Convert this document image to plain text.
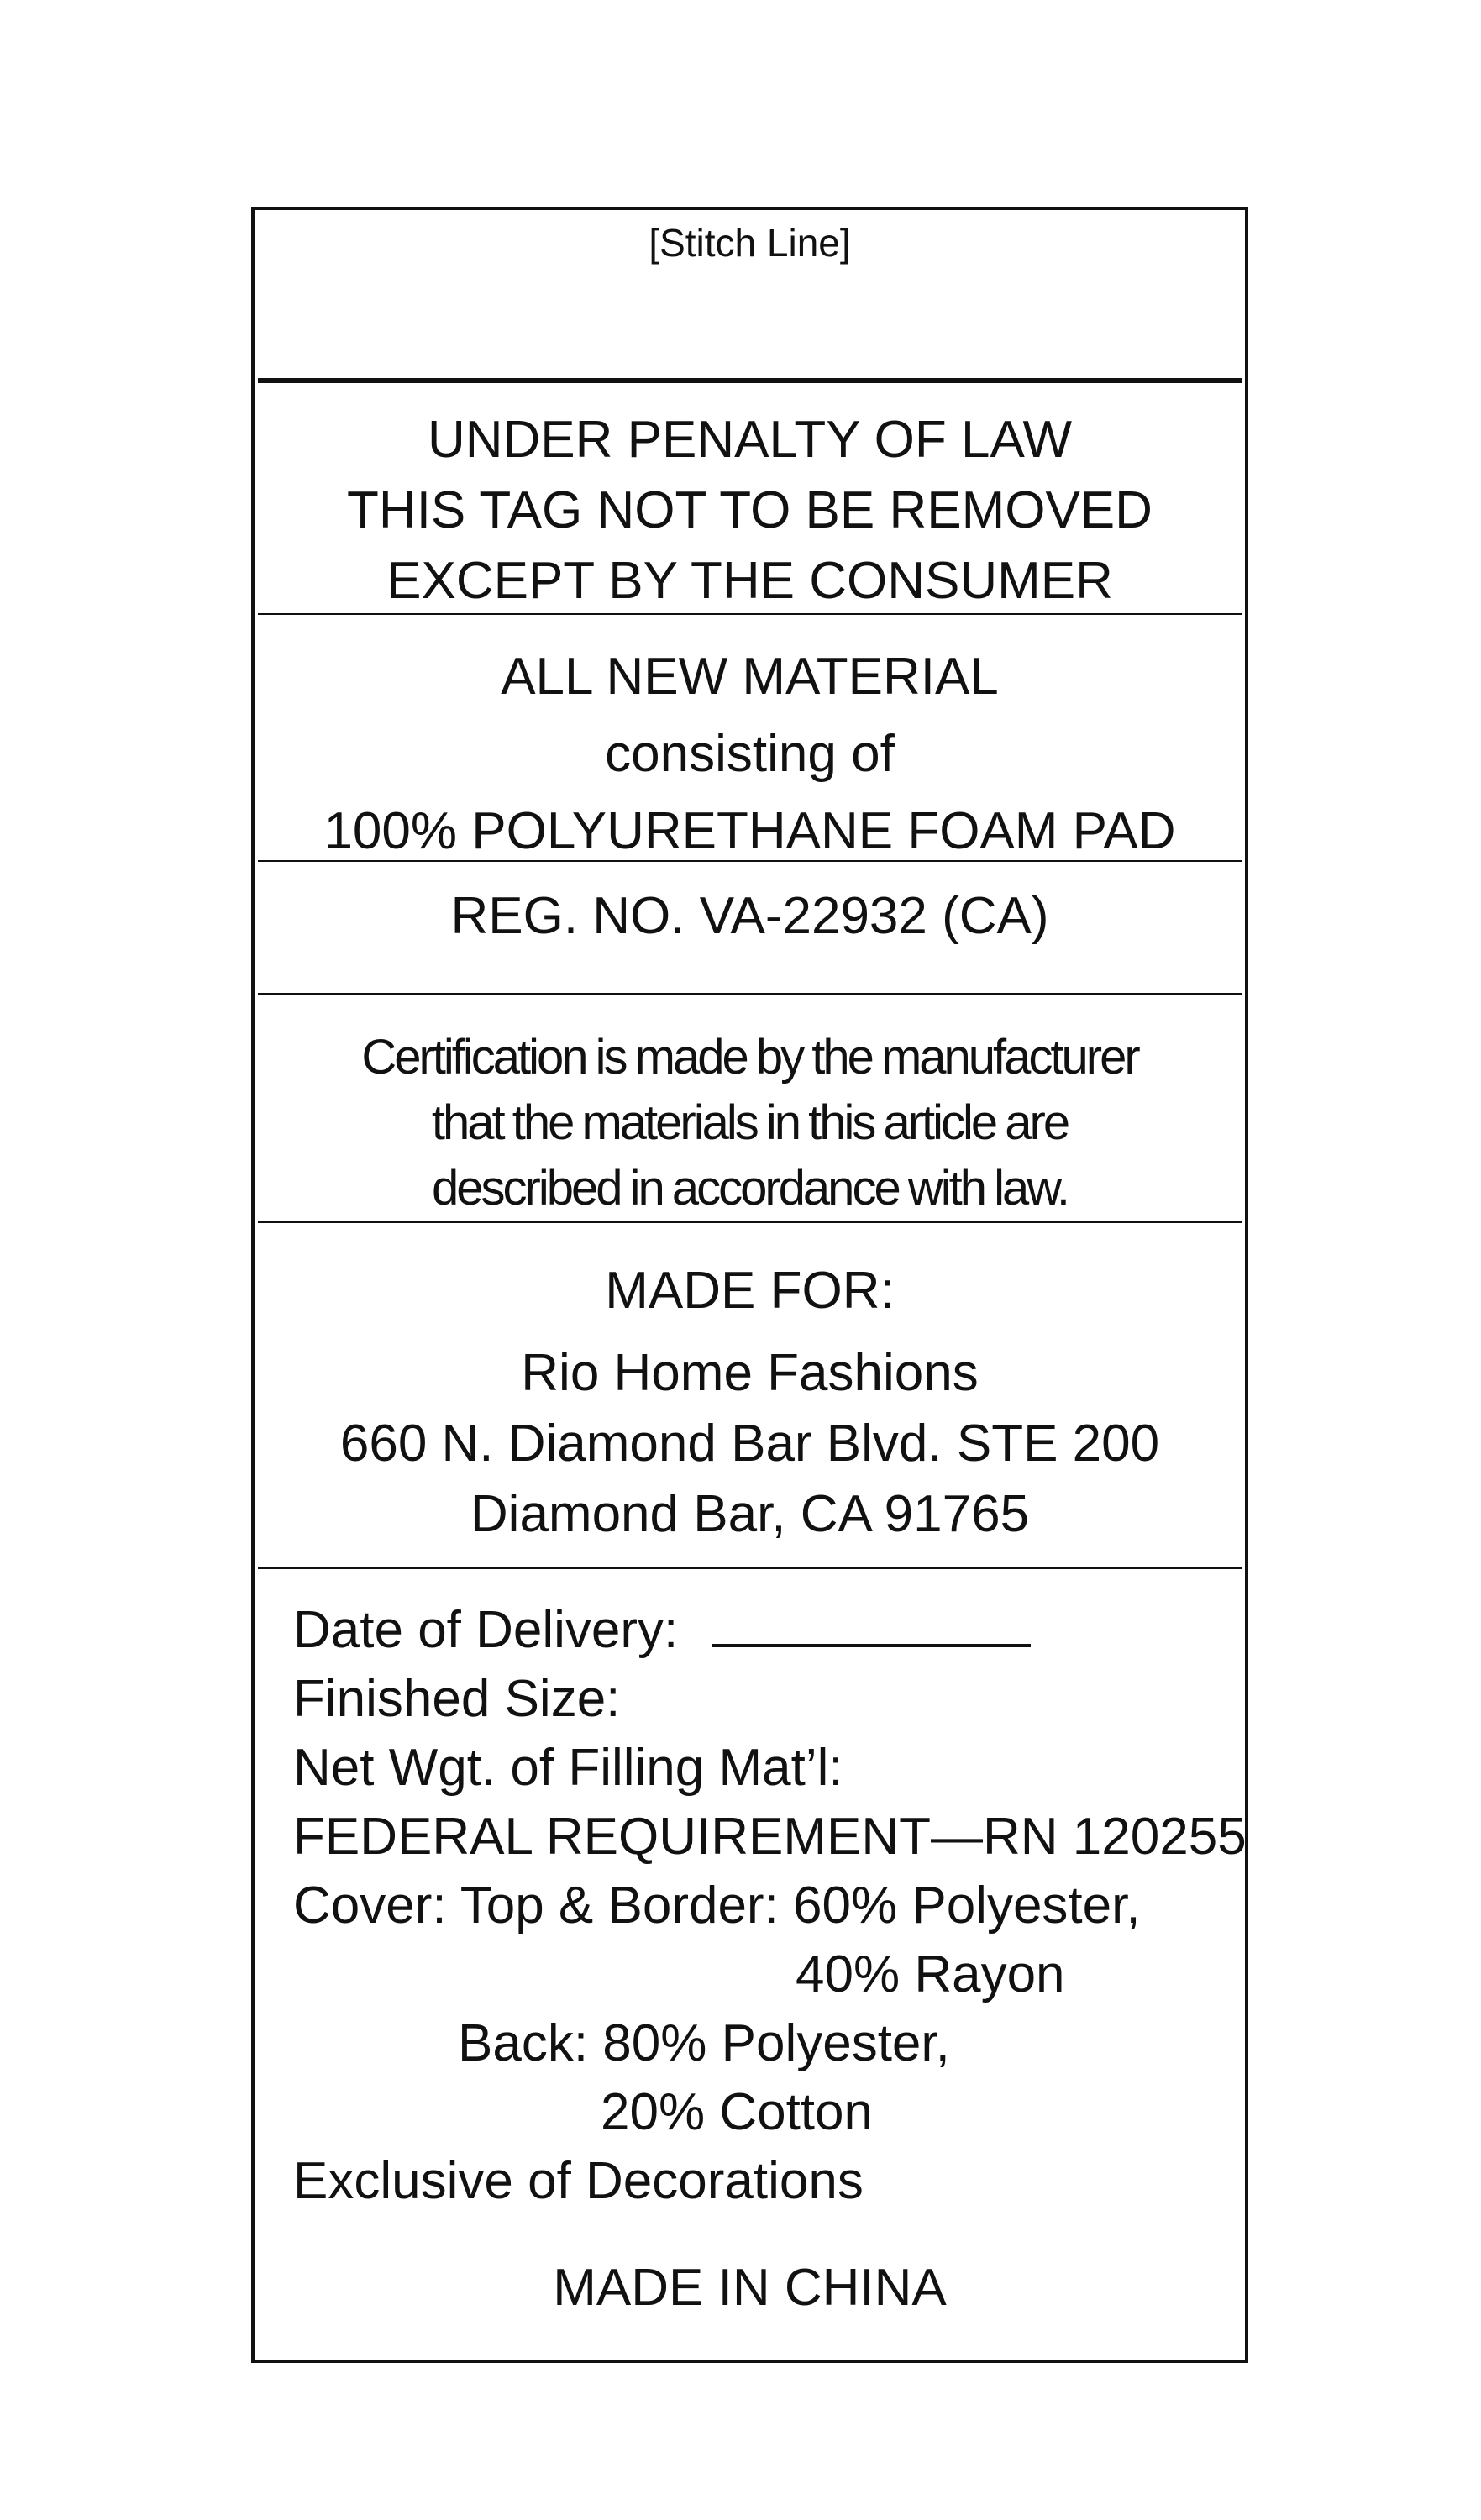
[Stitch Line]
UNDER PENALTY OF LAW
THIS TAG NOT TO BE REMOVED
EXCEPT BY THE CONSUMER
ALL NEW MATERIAL
consisting of
100% POLYURETHANE FOAM PAD
REG. NO. VA-22932 (CA)
Certification is made by the manufacturer
that the materials in this article are
described in accordance with law.
MADE FOR:
Rio Home Fashions
660 N. Diamond Bar Blvd. STE 200
Diamond Bar, CA 91765
Date of Delivery:
Finished Size:
Net Wgt. of Filling Mat’l:
FEDERAL REQUIREMENT—RN 120255
Cover: Top & Border: 60% Polyester,
40% Rayon
Back: 80% Polyester,
20% Cotton
Exclusive of Decorations
MADE IN CHINA
